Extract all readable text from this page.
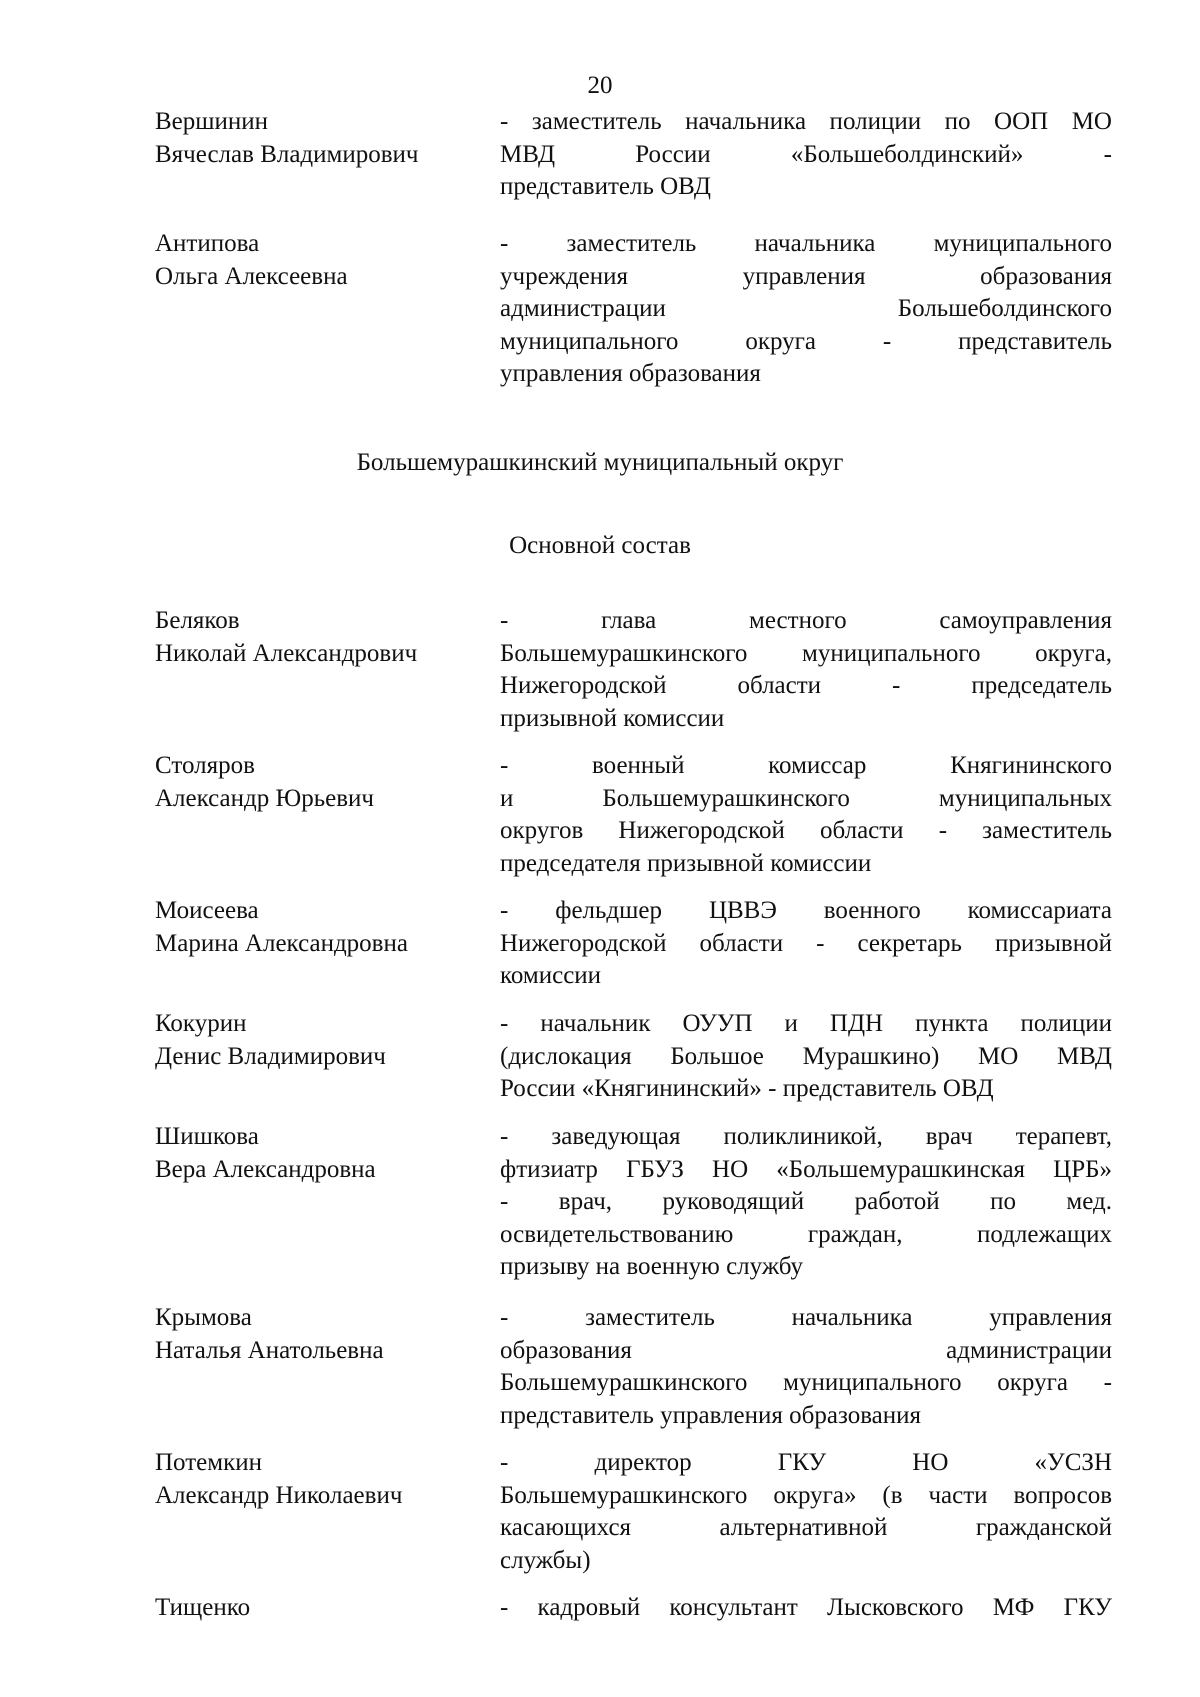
20
Вершинин
Вячеслав Владимирович
- заместитель начальника полиции по ООП МО
МВД России «Большеболдинский» -
представитель ОВД
Антипова
Ольга Алексеевна
- заместитель начальника муниципального
учреждения управления образования
администрации Большеболдинского
муниципального округа - представитель
управления образования
Большемурашкинский муниципальный округ
Основной состав
Беляков
Николай Александрович
- глава местного самоуправления
Большемурашкинского муниципального округа,
Нижегородской области - председатель
призывной комиссии
Столяров
Александр Юрьевич
- военный комиссар Княгининского
и Большемурашкинского муниципальных
округов Нижегородской области - заместитель
председателя призывной комиссии
Моисеева
Марина Александровна
- фельдшер ЦВВЭ военного комиссариата
Нижегородской области - секретарь призывной
комиссии
Кокурин
Денис Владимирович
- начальник ОУУП и ПДН пункта полиции
(дислокация Большое Мурашкино) МО МВД
России «Княгининский» - представитель ОВД
Шишкова
Вера Александровна
- заведующая поликлиникой, врач терапевт,
фтизиатр ГБУЗ НО «Большемурашкинская ЦРБ»
- врач, руководящий работой по мед.
освидетельствованию граждан, подлежащих
призыву на военную службу
Крымова
Наталья Анатольевна
- заместитель начальника управления
образования администрации
Большемурашкинского муниципального округа -
представитель управления образования
Потемкин
Александр Николаевич
- директор ГКУ НО «УСЗН
Большемурашкинского округа» (в части вопросов
касающихся альтернативной гражданской
службы)
Тищенко	- кадровый консультант Лысковского МФ ГКУ
